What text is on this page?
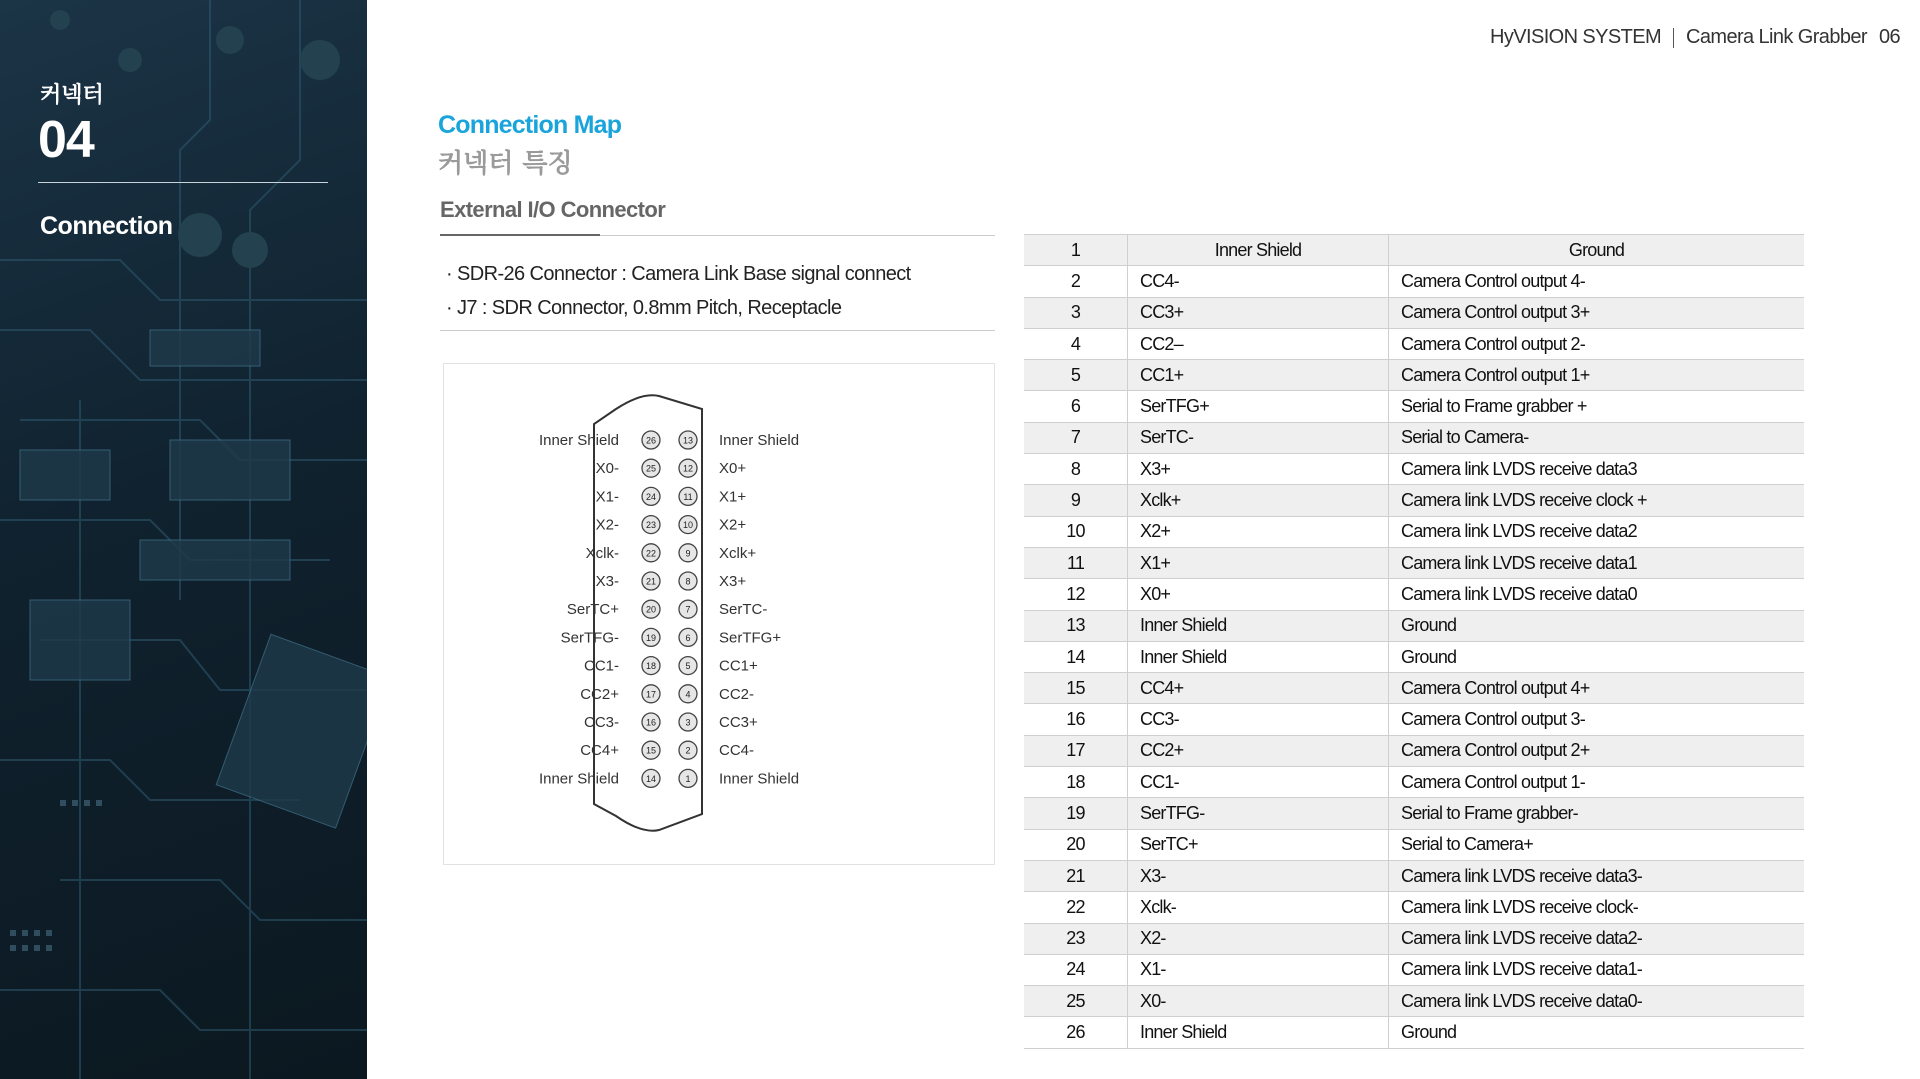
커넥터
04
Connection
HyVISION SYSTEM Camera Link Grabber 06
Connection Map
커넥터 특징
External I/O Connector
· SDR-26 Connector : Camera Link Base signal connect
· J7 : SDR Connector, 0.8mm Pitch, Receptacle
26
Inner Shield
25
X0-
24
X1-
23
X2-
22
Xclk-
21
X3-
20
SerTC+
19
SerTFG-
18
CC1-
17
CC2+
16
CC3-
15
CC4+
14
Inner Shield
13 Inner Shield
12 X0+
11 X1+
10 X2+
9 Xclk+
8 X3+
7 SerTC-
6 SerTFG+
5 CC1+
4 CC2-
3 CC3+
2 CC4-
1 Inner Shield
1	Inner Shield	Ground
2	CC4-	Camera Control output 4-
3	CC3+	Camera Control output 3+
4	CC2–	Camera Control output 2-
5	CC1+	Camera Control output 1+
6	SerTFG+	Serial to Frame grabber +
7	SerTC-	Serial to Camera-
8	X3+	Camera link LVDS receive data3
9	Xclk+	Camera link LVDS receive clock +
10	X2+	Camera link LVDS receive data2
11	X1+	Camera link LVDS receive data1
12	X0+	Camera link LVDS receive data0
13	Inner Shield	Ground
14	Inner Shield	Ground
15	CC4+	Camera Control output 4+
16	CC3-	Camera Control output 3-
17	CC2+	Camera Control output 2+
18	CC1-	Camera Control output 1-
19	SerTFG-	Serial to Frame grabber-
20	SerTC+	Serial to Camera+
21	X3-	Camera link LVDS receive data3-
22	Xclk-	Camera link LVDS receive clock-
23	X2-	Camera link LVDS receive data2-
24	X1-	Camera link LVDS receive data1-
25	X0-	Camera link LVDS receive data0-
26	Inner Shield	Ground
